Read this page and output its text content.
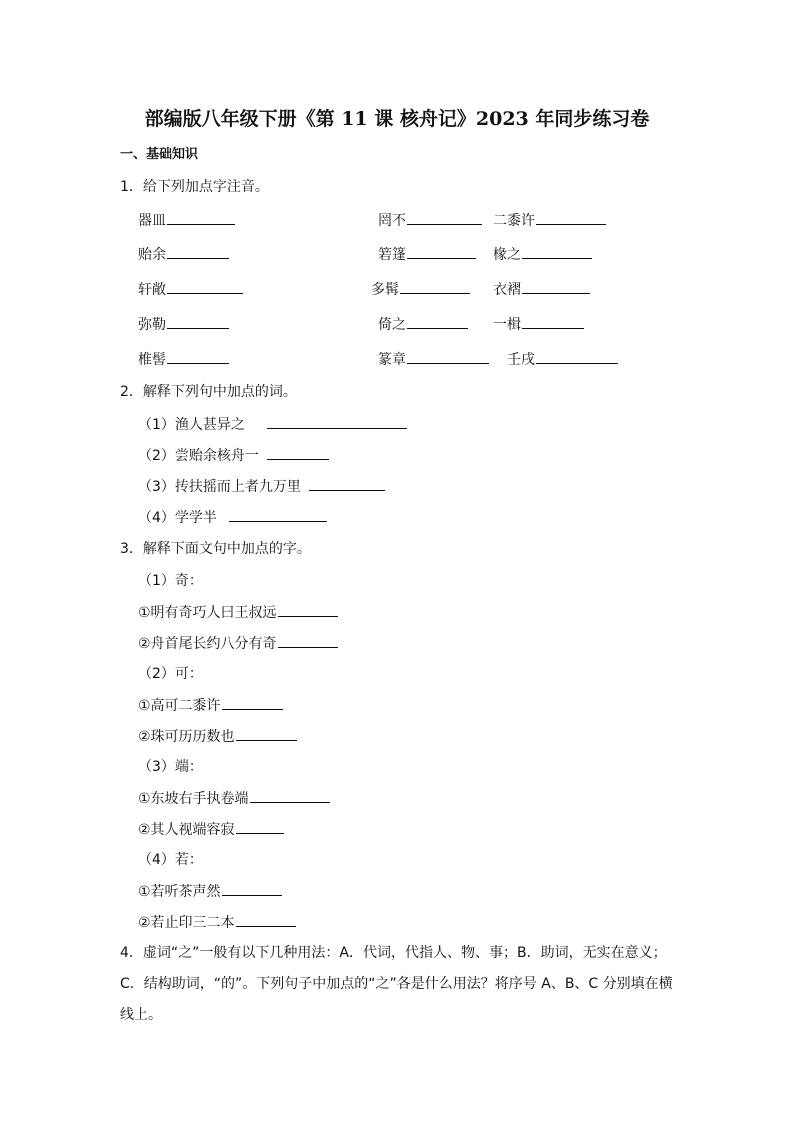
部编版八年级下册《第 11 课 核舟记》2023 年同步练习卷
一、基础知识
1．给下列加点字注音。
器皿	罔不	二黍许
贻余	箬篷	椽之
轩敞	多髯	衣褶
弥勒	倚之	一楫
椎髻	篆章	壬戌
2．解释下列句中加点的词。
（1）渔人甚异之
（2）尝贻余核舟一
（3）抟扶摇而上者九万里
（4）学学半
3．解释下面文句中加点的字。
（1）奇：
①明有奇巧人曰王叔远
②舟首尾长约八分有奇
（2）可：
①高可二黍许
②珠可历历数也
（3）端：
①东坡右手执卷端
②其人视端容寂
（4）若：
①若听茶声然
②若止印三二本
4．虚词“之”一般有以下几种用法：A．代词，代指人、物、事；B．助词，无实在意义；C．结构助词，“的”。下列句子中加点的“之”各是什么用法？将序号 A、B、C 分别填在横线上。
